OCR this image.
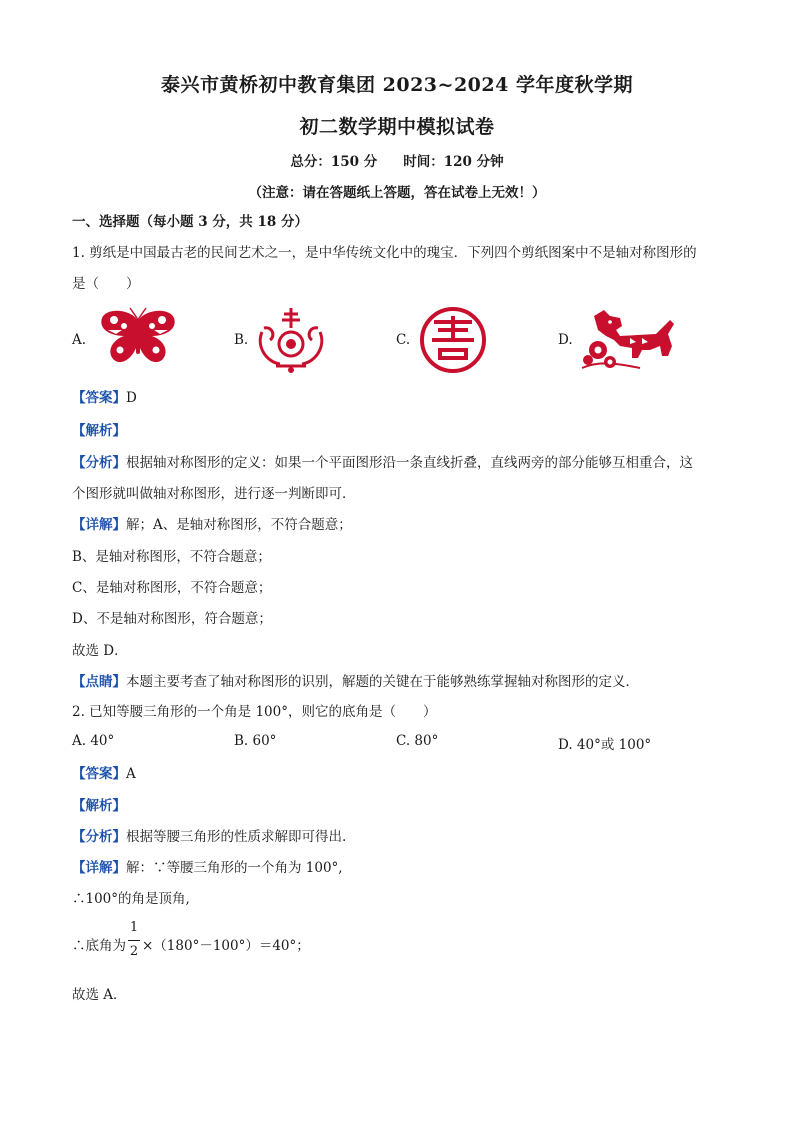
泰兴市黄桥初中教育集团 2023~2024 学年度秋学期
初二数学期中模拟试卷
总分：150 分 时间：120 分钟
（注意：请在答题纸上答题，答在试卷上无效！）
一、选择题（每小题 3 分，共 18 分）
1. 剪纸是中国最古老的民间艺术之一，是中华传统文化中的瑰宝．下列四个剪纸图案中不是轴对称图形的
是（　　）
A.	B.	C.	D.
【答案】D
【解析】
【分析】根据轴对称图形的定义：如果一个平面图形沿一条直线折叠，直线两旁的部分能够互相重合，这
个图形就叫做轴对称图形，进行逐一判断即可．
【详解】解；A、是轴对称图形，不符合题意；
B、是轴对称图形，不符合题意；
C、是轴对称图形，不符合题意；
D、不是轴对称图形，符合题意；
故选 D．
【点睛】本题主要考查了轴对称图形的识别，解题的关键在于能够熟练掌握轴对称图形的定义．
2. 已知等腰三角形的一个角是 100°，则它的底角是（　　）
A. 40°	B. 60°	C. 80°	D. 40°或 100°
【答案】A
【解析】
【分析】根据等腰三角形的性质求解即可得出.
【详解】解：∵等腰三角形的一个角为 100°,
∴100°的角是顶角,
∴底角为 ×（180°－100°）＝40°；
1
2
故选 A．
